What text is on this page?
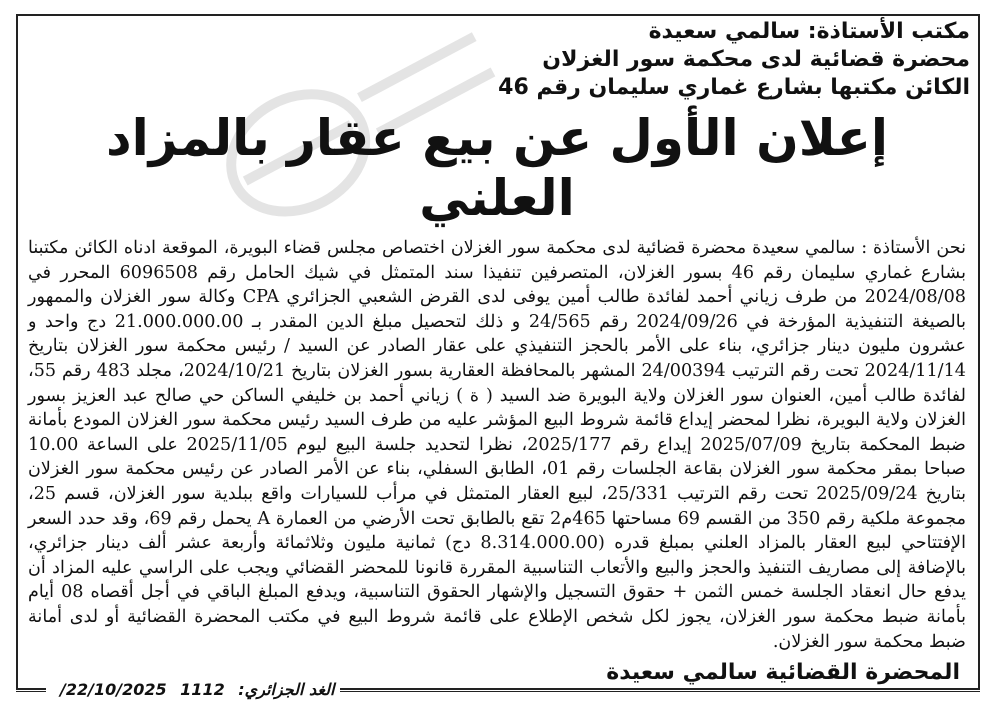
مكتب الأستاذة: سالمي سعيدة

محضرة قضائية لدى محكمة سور الغزلان

الكائن مكتبها بشارع غماري سليمان رقم 46

إعلان الأول عن بيع عقار بالمزاد العلني

نحن الأستاذة : سالمي سعيدة محضرة قضائية لدى محكمة سور الغزلان اختصاص مجلس قضاء البويرة، الموقعة ادناه الكائن مكتبنا بشارع غماري سليمان رقم 46 بسور الغزلان، المتصرفين تنفيذا سند المتمثل في شيك الحامل رقم 6096508 المحرر في 2024/08/08 من طرف زياني أحمد لفائدة طالب أمين يوفى لدى القرض الشعبي الجزائري CPA وكالة سور الغزلان والممهور بالصيغة التنفيذية المؤرخة في 2024/09/26 رقم 24/565 و ذلك لتحصيل مبلغ الدين المقدر بـ 21.000.000.00 دج واحد و عشرون مليون دينار جزائري، بناء على الأمر بالحجز التنفيذي على عقار الصادر عن السيد / رئيس محكمة سور الغزلان بتاريخ 2024/11/14 تحت رقم الترتيب 24/00394 المشهر بالمحافظة العقارية بسور الغزلان بتاريخ 2024/10/21، مجلد 483 رقم 55، لفائدة طالب أمين، العنوان سور الغزلان ولاية البويرة ضد السيد ( ة ) زياني أحمد بن خليفي الساكن حي صالح عبد العزيز بسور الغزلان ولاية البويرة، نظرا لمحضر إيداع قائمة شروط البيع المؤشر عليه من طرف السيد رئيس محكمة سور الغزلان المودع بأمانة ضبط المحكمة بتاريخ 2025/07/09 إيداع رقم 2025/177، نظرا لتحديد جلسة البيع ليوم 2025/11/05 على الساعة 10.00 صباحا بمقر محكمة سور الغزلان بقاعة الجلسات رقم 01، الطابق السفلي، بناء عن الأمر الصادر عن رئيس محكمة سور الغزلان بتاريخ 2025/09/24 تحت رقم الترتيب 25/331، لبيع العقار المتمثل في مرأب للسيارات واقع ببلدية سور الغزلان، قسم 25، مجموعة ملكية رقم 350 من القسم 69 مساحتها 465م2 تقع بالطابق تحت الأرضي من العمارة A يحمل رقم 69، وقد حدد السعر الإفتتاحي لبيع العقار بالمزاد العلني بمبلغ قدره (8.314.000.00 دج) ثمانية مليون وثلاثمائة وأربعة عشر ألف دينار جزائري، بالإضافة إلى مصاريف التنفيذ والحجز والبيع والأتعاب التناسبية المقررة قانونا للمحضر القضائي ويجب على الراسي عليه المزاد أن يدفع حال انعقاد الجلسة خمس الثمن + حقوق التسجيل والإشهار الحقوق التناسبية، ويدفع المبلغ الباقي في أجل أقصاه 08 أيام بأمانة ضبط محكمة سور الغزلان، يجوز لكل شخص الإطلاع على قائمة شروط البيع في مكتب المحضرة القضائية أو لدى أمانة ضبط محكمة سور الغزلان.

المحضرة القضائية سالمي سعيدة
الغد الجزائري: 1112 22/10/2025/
